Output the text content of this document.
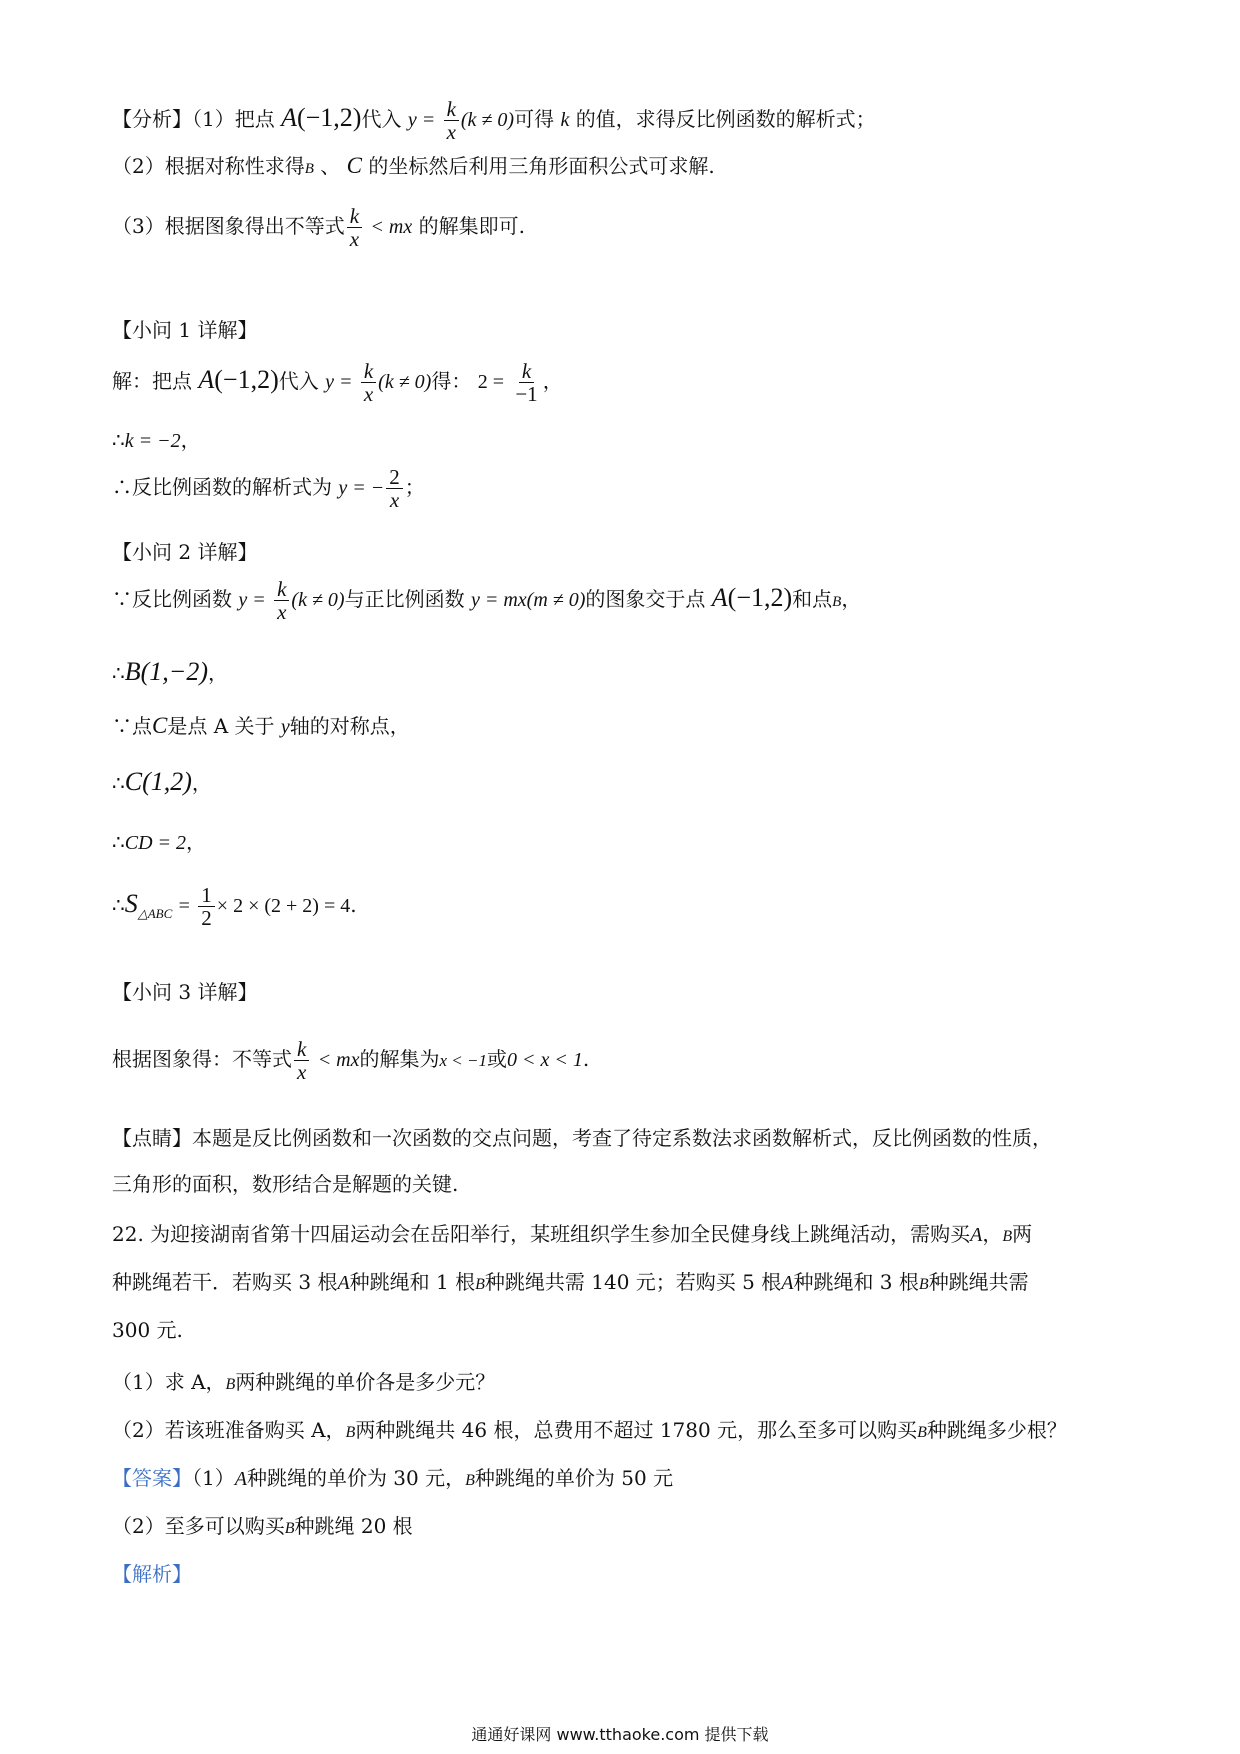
【分析】（1）把点 A(−1,2)代入 $y = \frac{k}{x} (k \ne 0)$可得 k 的值，求得反比例函数的解析式；
（2）根据对称性求得B 、 C 的坐标然后利用三角形面积公式可求解.
（3）根据图象得出不等式 $\frac{k}{x}$ < mx 的解集即可.
【小问 1 详解】
解：把点 A(−1,2)代入 $y = \frac{k}{x} (k \ne 0)$得： $2 = \frac{k}{-1}$ ，
∴k = −2，
∴反比例函数的解析式为 y = − $\frac{2}{x}$ ；
【小问 2 详解】
∵反比例函数 $y = \frac{k}{x} (k \ne 0)$与正比例函数 y = mx(m ≠ 0)的图象交于点 A(−1,2)和点B，
∴B(1,−2)，
∵点C是点 A 关于 y轴的对称点，
∴C(1,2)，
∴CD = 2，
$\therefore S_{\triangle ABC} = \frac{1}{2} \times 2 \times (2 + 2) = 4$.
【小问 3 详解】
根据图象得：不等式 $\frac{k}{x}$ < mx的解集为x < −1或0 < x < 1.
【点睛】本题是反比例函数和一次函数的交点问题，考查了待定系数法求函数解析式，反比例函数的性质，
三角形的面积，数形结合是解题的关键.
22. 为迎接湖南省第十四届运动会在岳阳举行，某班组织学生参加全民健身线上跳绳活动，需购买A，B两
种跳绳若干．若购买 3 根A种跳绳和 1 根B种跳绳共需 140 元；若购买 5 根A种跳绳和 3 根B种跳绳共需
300 元.
（1）求 A，B两种跳绳的单价各是多少元？
（2）若该班准备购买 A，B两种跳绳共 46 根，总费用不超过 1780 元，那么至多可以购买B种跳绳多少根？
【答案】（1）A种跳绳的单价为 30 元，B种跳绳的单价为 50 元
（2）至多可以购买B种跳绳 20 根
【解析】
通通好课网 www.tthaoke.com 提供下载
